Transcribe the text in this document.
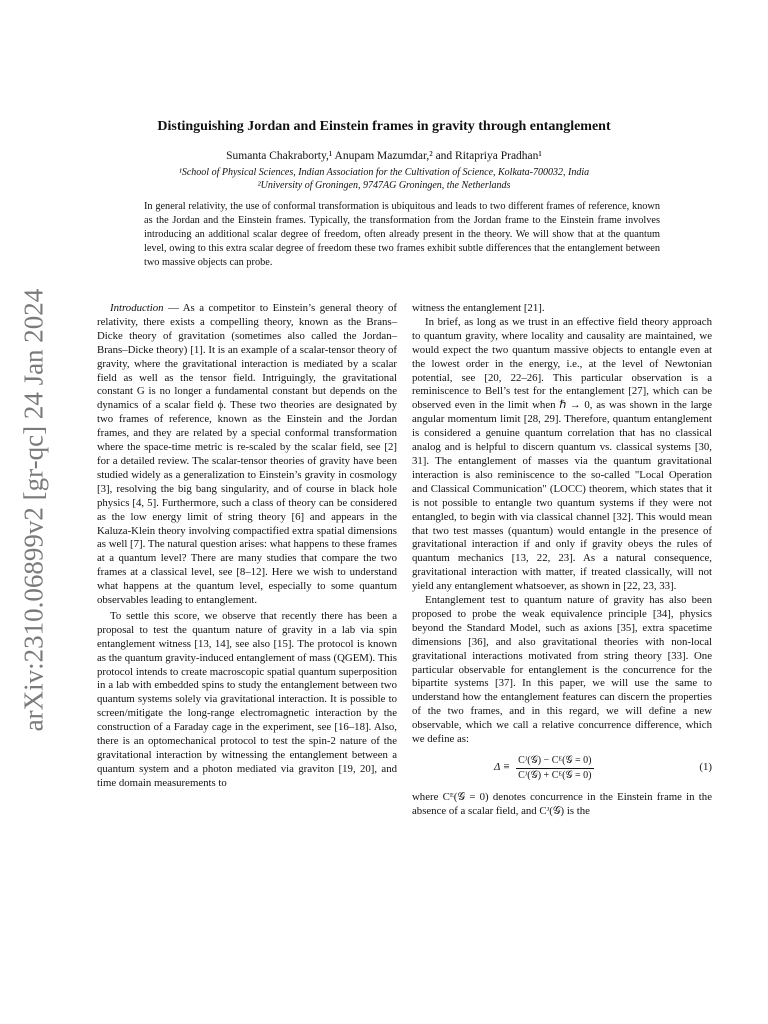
arXiv:2310.06899v2 [gr-qc] 24 Jan 2024
Distinguishing Jordan and Einstein frames in gravity through entanglement
Sumanta Chakraborty,¹ Anupam Mazumdar,² and Ritapriya Pradhan¹
¹School of Physical Sciences, Indian Association for the Cultivation of Science, Kolkata-700032, India
²University of Groningen, 9747AG Groningen, the Netherlands
In general relativity, the use of conformal transformation is ubiquitous and leads to two different frames of reference, known as the Jordan and the Einstein frames. Typically, the transformation from the Jordan frame to the Einstein frame involves introducing an additional scalar degree of freedom, often already present in the theory. We will show that at the quantum level, owing to this extra scalar degree of freedom these two frames exhibit subtle differences that the entanglement between two massive objects can probe.

Introduction — As a competitor to Einstein’s general theory of relativity, there exists a compelling theory, known as the Brans–Dicke theory of gravitation (sometimes also called the Jordan–Brans–Dicke theory) [1]. It is an example of a scalar-tensor theory of gravity, where the gravitational interaction is mediated by a scalar field as well as the tensor field. Intriguingly, the gravitational constant G is no longer a fundamental constant but depends on the dynamics of a scalar field ϕ. These two theories are designated by two frames of reference, known as the Einstein and the Jordan frames, and they are related by a special conformal transformation where the space-time metric is re-scaled by the scalar field, see [2] for a detailed review. The scalar-tensor theories of gravity have been studied widely as a generalization to Einstein’s gravity in cosmology [3], resolving the big bang singularity, and of course in black hole physics [4, 5]. Furthermore, such a class of theory can be considered as the low energy limit of string theory [6] and appears in the Kaluza-Klein theory involving compactified extra spatial dimensions as well [7]. The natural question arises: what happens to these frames at a quantum level? There are many studies that compare the two frames at a classical level, see [8–12]. Here we wish to understand what happens at the quantum level, especially to some quantum observables leading to entanglement.

To settle this score, we observe that recently there has been a proposal to test the quantum nature of gravity in a lab via spin entanglement witness [13, 14], see also [15]. The protocol is known as the quantum gravity-induced entanglement of mass (QGEM). This protocol intends to create macroscopic spatial quantum superposition in a lab with embedded spins to study the entanglement between two quantum systems solely via gravitational interaction. It is possible to screen/mitigate the long-range electromagnetic interaction by the construction of a Faraday cage in the experiment, see [16–18]. Also, there is an optomechanical protocol to test the spin-2 nature of the gravitational interaction by witnessing the entanglement between a quantum system and a photon mediated via graviton [19, 20], and time domain measurements to

witness the entanglement [21].

In brief, as long as we trust in an effective field theory approach to quantum gravity, where locality and causality are maintained, we would expect the two quantum massive objects to entangle even at the lowest order in the energy, i.e., at the level of Newtonian potential, see [20, 22–26]. This particular observation is a reminiscence to Bell’s test for the entanglement [27], which can be observed even in the limit when ℏ → 0, as was shown in the large angular momentum limit [28, 29]. Therefore, quantum entanglement is considered a genuine quantum correlation that has no classical analog and is helpful to discern quantum vs. classical systems [30, 31]. The entanglement of masses via the quantum gravitational interaction is also reminiscence to the so-called "Local Operation and Classical Communication" (LOCC) theorem, which states that it is not possible to entangle two quantum systems if they were not entangled, to begin with via classical channel [32]. This would mean that two test masses (quantum) would entangle in the presence of gravitational interaction if and only if gravity obeys the rules of quantum mechanics [13, 22, 23]. As a natural consequence, gravitational interaction with matter, if treated classically, will not yield any entanglement whatsoever, as shown in [22, 23, 33].

Entanglement test to quantum nature of gravity has also been proposed to probe the weak equivalence principle [34], physics beyond the Standard Model, such as axions [35], extra spacetime dimensions [36], and also gravitational theories with non-local gravitational interactions motivated from string theory [33]. One particular observable for entanglement is the concurrence for the bipartite systems [37]. In this paper, we will use the same to understand how the entanglement features can discern the properties of the two frames, and in this regard, we will define a new observable, which we call a relative concurrence difference, which we define as:

$\Delta \equiv \frac{\text{Cᴶ(𝒢) − Cᴱ(𝒢 = 0)}}{\text{Cᴶ(𝒢) + Cᴱ(𝒢 = 0)}}$	(1)

where Cᴱ(𝒢 = 0) denotes concurrence in the Einstein frame in the absence of a scalar field, and Cᴶ(𝒢) is the
